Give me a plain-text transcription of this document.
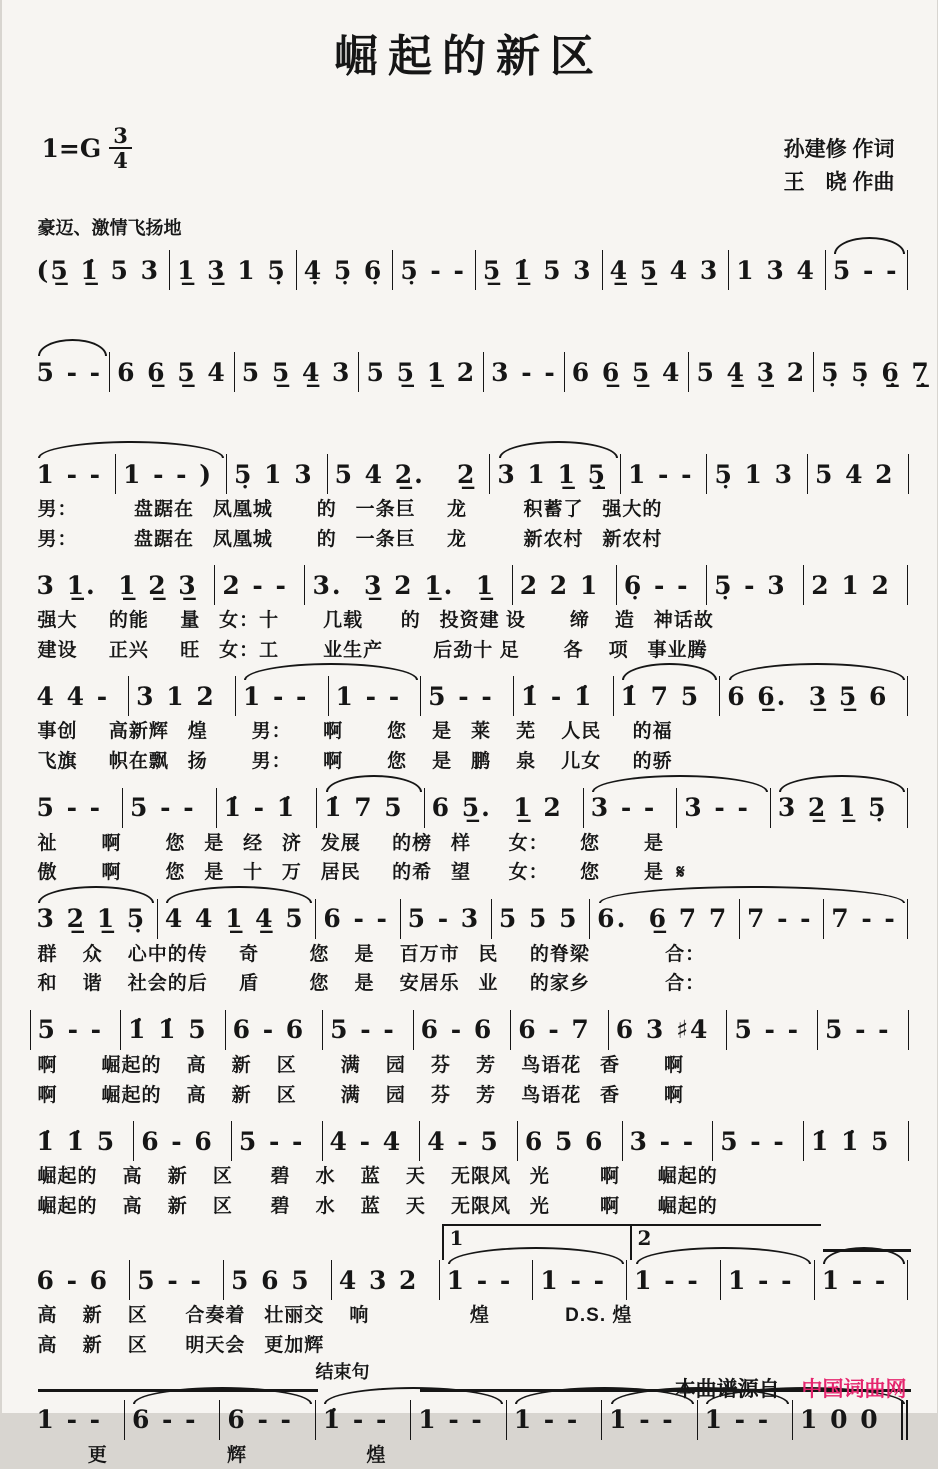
崛起的新区
$1=G \frac{3}{4}$	孙建修 作词
王　晓 作曲
豪迈、激情飞扬地
(5̲ 1̲̇ 5 3 1̲ 3̲ 1 5̣ 4̣ 5̣ 6̣ 5̣ - - 5̲ 1̲̇ 5 3 4̲ 5̲ 4 3 1 3 4 5 - -
5 - - 6 6̲ 5̲ 4 5 5̲ 4̲ 3 5 5̲ 1̲ 2 3 - - 6 6̲ 5̲ 4 5 4̲ 3̲ 2 5̣ 5̣ 6̣̲ 7̣̲
1 - - 1 - - ) 5̣ 1 3 5 4 2̲.   2̲ 3 1 1̲ 5̣̲ 1 - - 5̣ 1 3 5 4 2
男：         盘踞在   凤凰城       的   一条巨     龙         积蓄了   强大的
男：         盘踞在   凤凰城       的   一条巨     龙         新农村   新农村
3 1̲.  1̲ 2̲ 3̲ 2 - - 3.  3̲ 2 1̲.  1̲ 2 2 1 6̣ - - 5̣ - 3 2 1 2
强大     的能     量   女：十       几载      的   投资建 设       缔    造   神话故
建设     正兴     旺   女：工       业生产        后劲十 足       各    项   事业腾
4 4 -	3 1 2	1 - -	1 - -	5 - -	1̇ - 1̇	1̇ 7 5	6 6̲.  3̲ 5̲ 6
事创     高新辉   煌       男：     啊       您    是   莱    芜    人民     的福
飞旗     帜在飘   扬       男：     啊       您    是   鹏    泉    儿女     的骄
5 - -	5 - -	1̇ - 1̇	1̇ 7 5	6 5̲.  1̲ 2	3 - -	3 - -	3 2̲ 1̲ 5̣
祉       啊       您   是   经   济   发展     的榜   样      女：     您       是
傲       啊       您   是   十   万   居民     的希   望      女：     您       是  𝄋
3 2̲ 1̲ 5̣ 4 4 1̲ 4̲ 5 6 - - 5 - 3 5 5 5 6.  6̲ 7 7 7 - - 7 - -
群    众    心中的传     奇        您    是    百万市   民     的脊梁            合：
和    谐    社会的后     盾        您    是    安居乐   业     的家乡            合：
5 - - 1̇ 1̇ 5 6 - 6 5 - - 6 - 6 6 - 7 6 3 ♯4 5 - - 5 - -
啊       崛起的    高    新    区       满    园    芬    芳    鸟语花   香       啊
啊       崛起的    高    新    区       满    园    芬    芳    鸟语花   香       啊
1̇ 1̇ 5	6 - 6	5 - -	4 - 4	4 - 5	6 5 6	3 - -	5 - -	1̇ 1̇ 5
崛起的    高    新    区      碧    水    蓝    天    无限风   光        啊      崛起的
崛起的    高    新    区      碧    水    蓝    天    无限风   光        啊      崛起的
6 - 6	5 - -	5 6 5	4 3 2	1 - -	1 - -	1 - -	1 - -	1 - -
高    新    区      合奏着   壮丽交    响                煌            D.S. 煌
高    新    区      明天会   更加辉
1	2
1 - -	6 - -	6 - -	1̇ - -	1 - -	1 - -	1 - -	1 - -	1 0 0
更                   辉                   煌
结束句
本曲谱源自 中国词曲网
